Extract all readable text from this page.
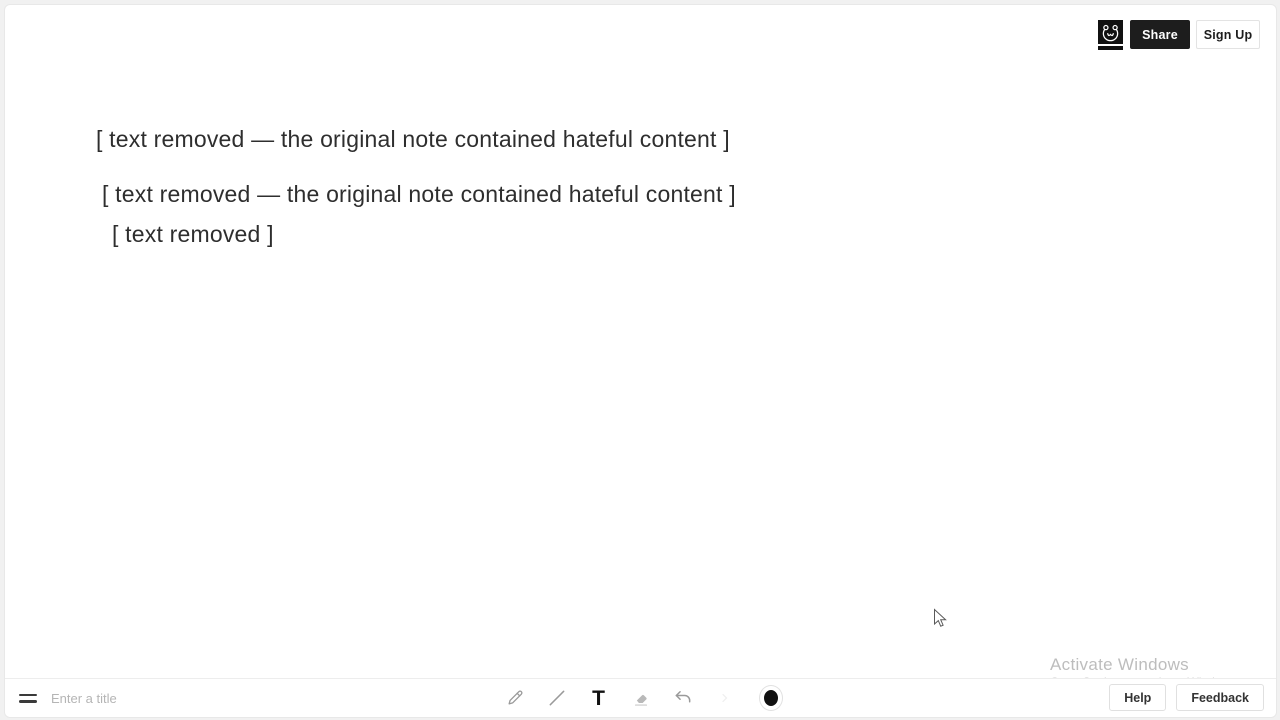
Share	Sign Up
[ text removed — the original note contained hateful content ]
[ text removed — the original note contained hateful content ]
[ text removed ]
Activate Windows
Enter a title
T	Help	Feedback
